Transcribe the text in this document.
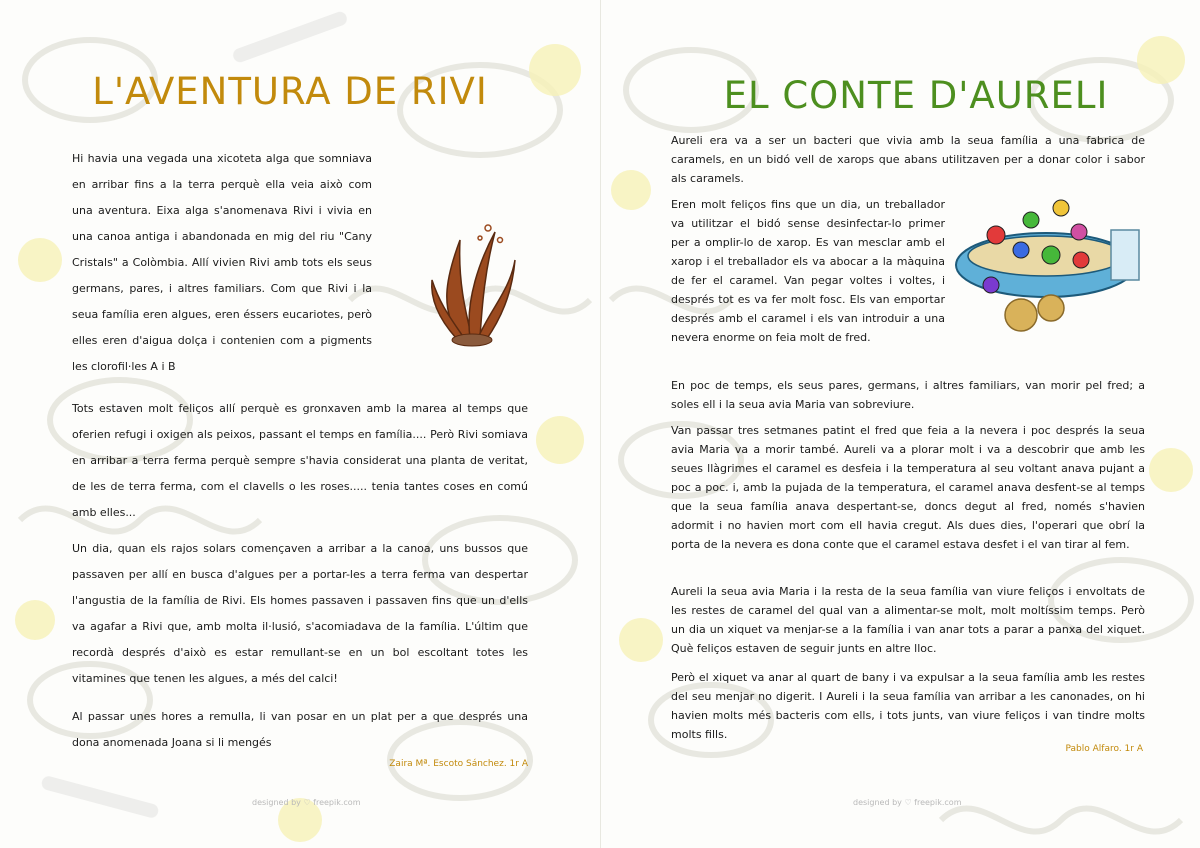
L'AVENTURA DE RIVI

Hi havia una vegada una xicoteta alga que somniava en arribar fins a la terra perquè ella veia això com una aventura. Eixa alga s'anomenava Rivi i vivia en una canoa antiga i abandonada en mig del riu "Cany Cristals" a Colòmbia. Allí vivien Rivi amb tots els seus germans, pares, i altres familiars. Com que Rivi i la seua família eren algues, eren éssers eucariotes, però elles eren d'aigua dolça i contenien com a pigments les clorofil·les A i B

Tots estaven molt feliços allí perquè es gronxaven amb la marea al temps que oferien refugi i oxigen als peixos, passant el temps en família.... Però Rivi somiava en arribar a terra ferma perquè sempre s'havia considerat una planta de veritat, de les de terra ferma, com el clavells o les roses..... tenia tantes coses en comú amb elles...

Un dia, quan els rajos solars començaven a arribar a la canoa, uns bussos que passaven per allí en busca d'algues per a portar-les a terra ferma van despertar l'angustia de la família de Rivi. Els homes passaven i passaven fins que un d'ells va agafar a Rivi que, amb molta il·lusió, s'acomiadava de la família. L'últim que recordà després d'això es estar remullant-se en un bol escoltant totes les vitamines que tenen les algues, a més del calci!

Al passar unes hores a remulla, li van posar en un plat per a que després una dona anomenada Joana si li mengés

Zaira Mª. Escoto Sánchez. 1r A

designed by ♡ freepik.com
EL CONTE D'AURELI

Aureli era va a ser un bacteri que vivia amb la seua família a una fabrica de caramels, en un bidó vell de xarops que abans utilitzaven per a donar color i sabor als caramels.

Eren molt feliços fins que un dia, un treballador va utilitzar el bidó sense desinfectar-lo primer per a omplir-lo de xarop. Es van mesclar amb el xarop i el treballador els va abocar a la màquina de fer el caramel. Van pegar voltes i voltes, i després tot es va fer molt fosc. Els van emportar després amb el caramel i els van introduir a una nevera enorme on feia molt de fred.

En poc de temps, els seus pares, germans, i altres familiars, van morir pel fred; a soles ell i la seua avia Maria van sobreviure.

Van passar tres setmanes patint el fred que feia a la nevera i poc després la seua avia Maria va a morir també. Aureli va a plorar molt i va a descobrir que amb les seues llàgrimes el caramel es desfeia i la temperatura al seu voltant anava pujant a poc a poc. i, amb la pujada de la temperatura, el caramel anava desfent-se al temps que la seua família anava despertant-se, doncs degut al fred, només s'havien adormit i no havien mort com ell havia cregut. Als dues dies, l'operari que obrí la porta de la nevera es dona conte que el caramel estava desfet i el van tirar al fem.

Aureli la seua avia Maria i la resta de la seua família van viure feliços i envoltats de les restes de caramel del qual van a alimentar-se molt, molt moltíssim temps. Però un dia un xiquet va menjar-se a la família i van anar tots a parar a panxa del xiquet. Què feliços estaven de seguir junts en altre lloc.

Però el xiquet va anar al quart de bany i va expulsar a la seua família amb les restes del seu menjar no digerit. I Aureli i la seua família van arribar a les canonades, on hi havien molts més bacteris com ells, i tots junts, van viure feliços i van tindre molts molts fills.

Pablo Alfaro. 1r A

designed by ♡ freepik.com
